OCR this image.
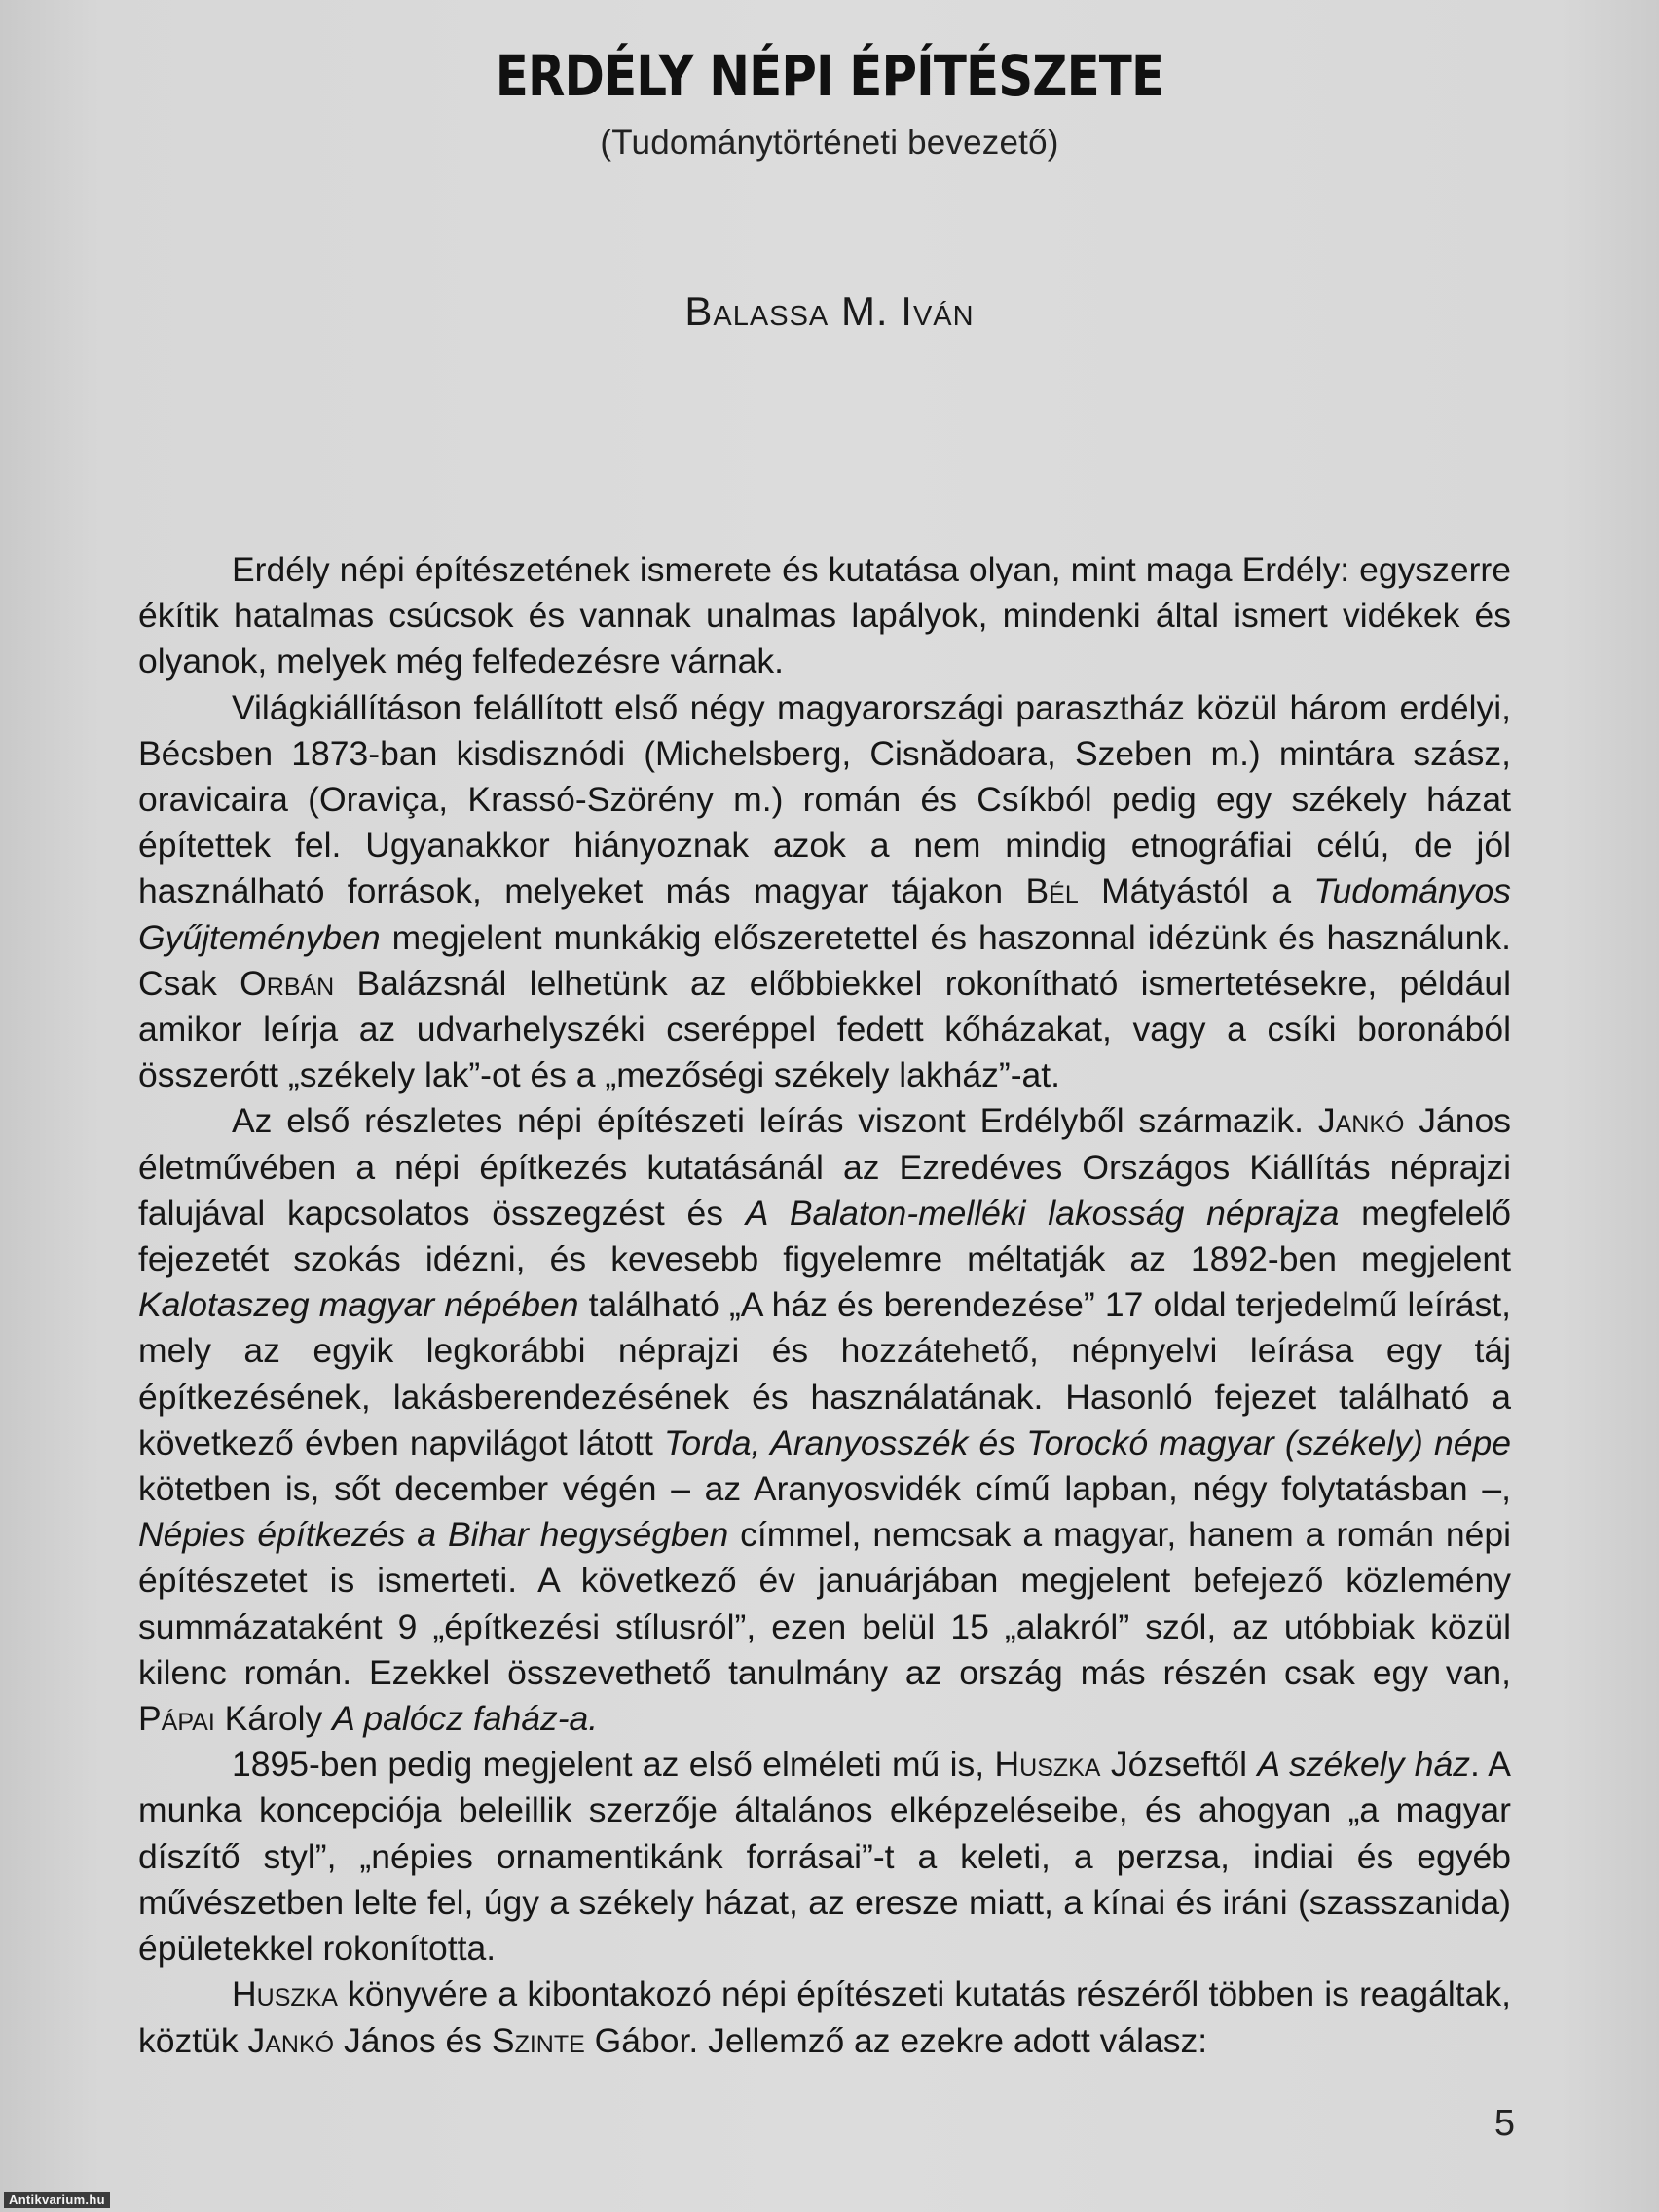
ERDÉLY NÉPI ÉPÍTÉSZETE
(Tudománytörténeti bevezető)
Balassa M. Iván

Erdély népi építészetének ismerete és kutatása olyan, mint maga Erdély: egyszerre ékítik hatalmas csúcsok és vannak unalmas lapályok, mindenki által ismert vidékek és olyanok, melyek még felfedezésre várnak.

Világkiállításon felállított első négy magyarországi parasztház közül három erdélyi, Bécsben 1873-ban kisdisznódi (Michelsberg, Cisnădoara, Szeben m.) mintára szász, oravicaira (Oraviça, Krassó-Szörény m.) román és Csíkból pedig egy székely házat építettek fel. Ugyanakkor hiányoznak azok a nem mindig etnográfiai célú, de jól használható források, melyeket más magyar tájakon Bél Mátyástól a Tudományos Gyűjteményben megjelent munkákig előszeretettel és haszonnal idézünk és használunk. Csak Orbán Balázsnál lelhetünk az előbbiekkel rokonítható ismertetésekre, például amikor leírja az udvarhelyszéki cseréppel fedett kőházakat, vagy a csíki boronából összerótt „székely lak”-ot és a „mezőségi székely lakház”-at.

Az első részletes népi építészeti leírás viszont Erdélyből származik. Jankó János életművében a népi építkezés kutatásánál az Ezredéves Országos Kiállítás néprajzi falujával kapcsolatos összegzést és A Balaton-melléki lakosság néprajza megfelelő fejezetét szokás idézni, és kevesebb figyelemre méltatják az 1892-ben megjelent Kalotaszeg magyar népében található „A ház és berendezése” 17 oldal terjedelmű leírást, mely az egyik legkorábbi néprajzi és hozzátehető, népnyelvi leírása egy táj építkezésének, lakásberendezésének és használatának. Hasonló fejezet található a következő évben napvilágot látott Torda, Aranyosszék és Torockó magyar (székely) népe kötetben is, sőt december végén – az Aranyosvidék című lapban, négy folytatásban –, Népies építkezés a Bihar hegységben címmel, nemcsak a magyar, hanem a román népi építészetet is ismerteti. A következő év januárjában megjelent befejező közlemény summázataként 9 „építkezési stílusról”, ezen belül 15 „alakról” szól, az utóbbiak közül kilenc román. Ezekkel összevethető tanulmány az ország más részén csak egy van, Pápai Károly A palócz faház-a.

1895-ben pedig megjelent az első elméleti mű is, Huszka Józseftől A székely ház. A munka koncepciója beleillik szerzője általános elképzeléseibe, és ahogyan „a magyar díszítő styl”, „népies ornamentikánk forrásai”-t a keleti, a perzsa, indiai és egyéb művészetben lelte fel, úgy a székely házat, az eresze miatt, a kínai és iráni (szasszanida) épületekkel rokonította.

Huszka könyvére a kibontakozó népi építészeti kutatás részéről többen is reagáltak, köztük Jankó János és Szinte Gábor. Jellemző az ezekre adott válasz:

5
Antikvarium.hu
